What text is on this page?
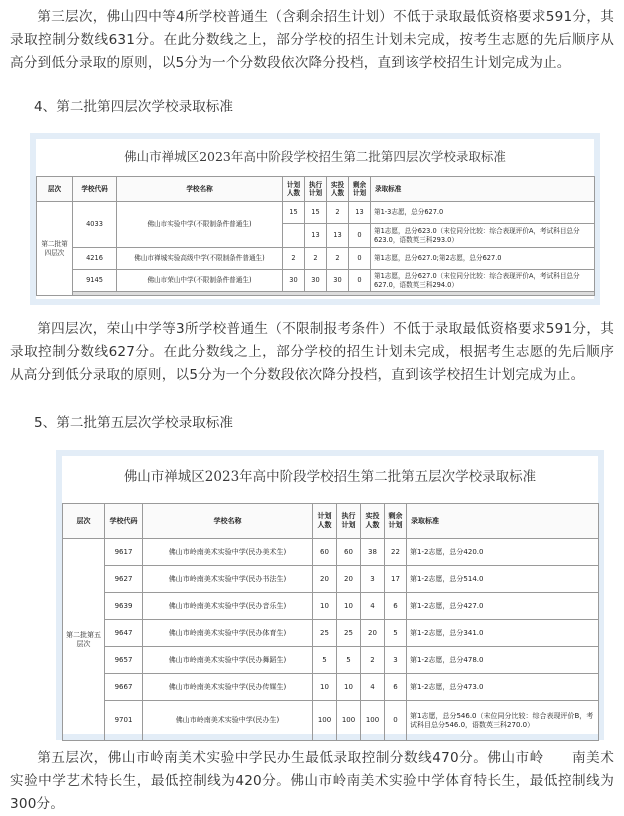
第三层次，佛山四中等4所学校普通生（含剩余招生计划）不低于录取最低资格要求591分，其录取控制分数线631分。在此分数线之上，部分学校的招生计划未完成，按考生志愿的先后顺序从高分到低分录取的原则，以5分为一个分数段依次降分投档，直到该学校招生计划完成为止。

4、第二批第四层次学校录取标准

佛山市禅城区2023年高中阶段学校招生第二批第四层次学校录取标准
层次	学校代码	学校名称	计划人数	执行计划	实投人数	剩余计划	录取标准
第二批第四层次	4033	佛山市实验中学(不限制条件普通生)	15	15	2	13	第1-3志愿，总分627.0
				13	13	0	第1志愿，总分623.0（末位同分比较：综合表现评价A，考试科目总分623.0，语数英三科293.0）
	4216	佛山市禅城实验高级中学(不限制条件普通生)	2	2	2	0	第1志愿，总分627.0;第2志愿，总分627.0
	9145	佛山市荣山中学(不限制条件普通生)	30	30	30	0	第1志愿，总分627.0（末位同分比较：综合表现评价A，考试科目总分627.0，语数英三科294.0）

第四层次，荣山中学等3所学校普通生（不限制报考条件）不低于录取最低资格要求591分，其录取控制分数线627分。在此分数线之上，部分学校的招生计划未完成，根据考生志愿的先后顺序从高分到低分录取的原则，以5分为一个分数段依次降分投档，直到该学校招生计划完成为止。

5、第二批第五层次学校录取标准

佛山市禅城区2023年高中阶段学校招生第二批第五层次学校录取标准
层次	学校代码	学校名称	计划人数	执行计划	实投人数	剩余计划	录取标准
第二批第五层次	9617	佛山市岭南美术实验中学(民办美术生)	60	60	38	22	第1-2志愿，总分420.0
	9627	佛山市岭南美术实验中学(民办书法生)	20	20	3	17	第1-2志愿，总分514.0
	9639	佛山市岭南美术实验中学(民办音乐生)	10	10	4	6	第1-2志愿，总分427.0
	9647	佛山市岭南美术实验中学(民办体育生)	25	25	20	5	第1-2志愿，总分341.0
	9657	佛山市岭南美术实验中学(民办舞蹈生)	5	5	2	3	第1-2志愿，总分478.0
	9667	佛山市岭南美术实验中学(民办传媒生)	10	10	4	6	第1-2志愿，总分473.0
	9701	佛山市岭南美术实验中学(民办生)	100	100	100	0	第1志愿，总分546.0（末位同分比较：综合表现评价B，考试科目总分546.0，语数英三科270.0）

第五层次，佛山市岭南美术实验中学民办生最低录取控制分数线470分。佛山市岭　　南美术实验中学艺术特长生，最低控制线为420分。佛山市岭南美术实验中学体育特长生，最低控制线为300分。
